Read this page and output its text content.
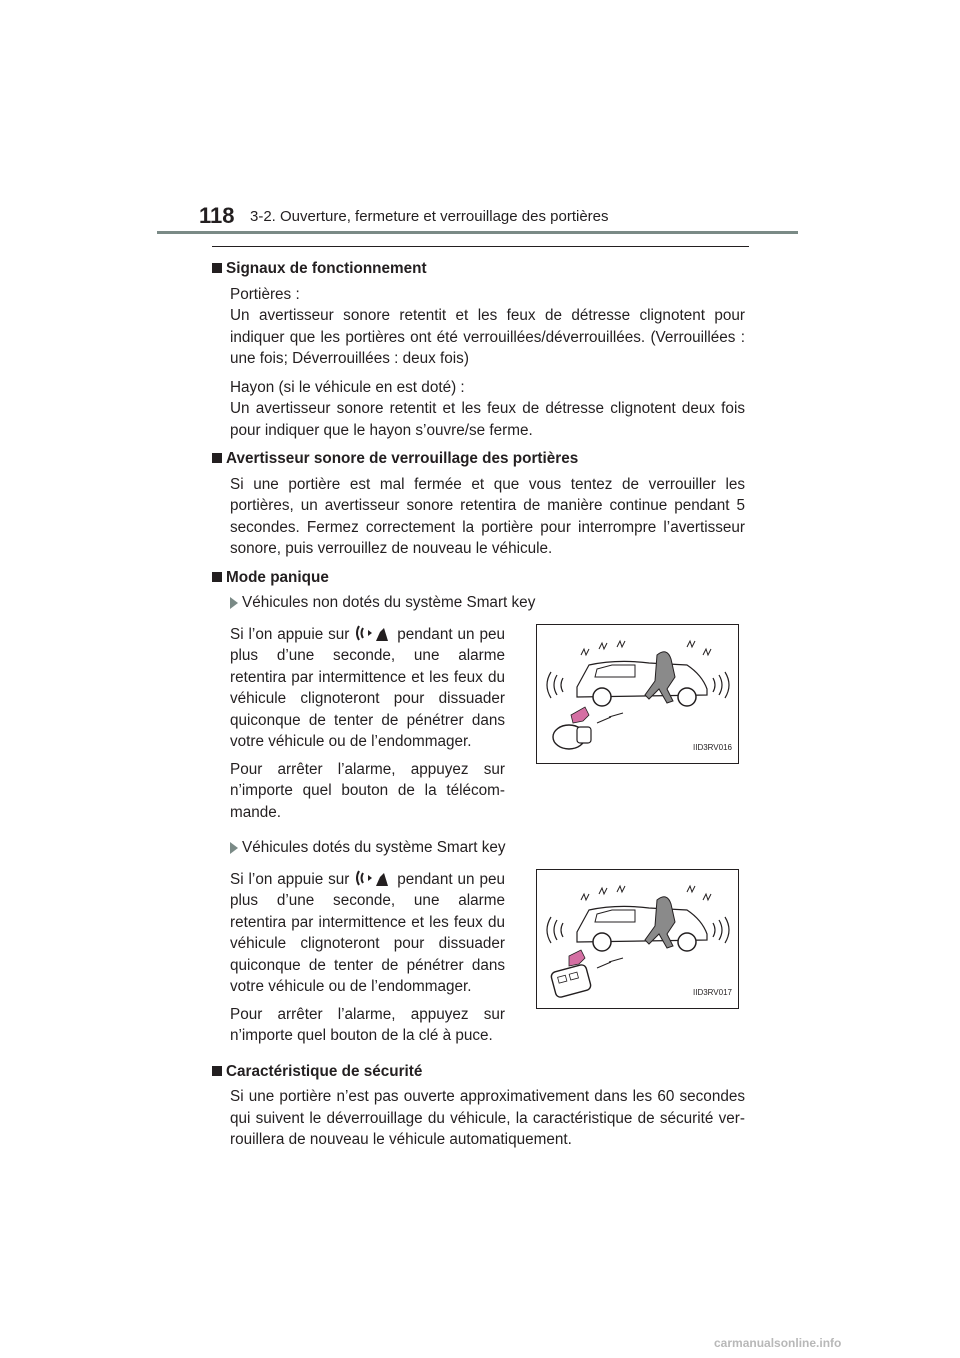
118 3-2. Ouverture, fermeture et verrouillage des portières
Signaux de fonctionnement
Portières :
Un avertisseur sonore retentit et les feux de détresse clignotent pour indiquer que les portières ont été verrouillées/déverrouillées. (Verrouillées : une fois; Déverrouillées : deux fois)
Hayon (si le véhicule en est doté) :
Un avertisseur sonore retentit et les feux de détresse clignotent deux fois pour indiquer que le hayon s’ouvre/se ferme.
Avertisseur sonore de verrouillage des portières
Si une portière est mal fermée et que vous tentez de verrouiller les portières, un avertisseur sonore retentira de manière continue pendant 5 secondes. Fermez correctement la portière pour interrompre l’avertisseur sonore, puis verrouillez de nouveau le véhicule.
Mode panique
Véhicules non dotés du système Smart key

Si l’on appuie sur	pendant un peu plus d’une seconde, une alarme retentira par intermittence et les feux du véhicule clignoteront pour dissuader quiconque de tenter de pénétrer dans votre véhicule ou de l’endommager.

Pour arrêter l’alarme, appuyez sur n’importe quel bouton de la télécom-mande.

IID3RV016
Véhicules dotés du système Smart key

Si l’on appuie sur	pendant un peu plus d’une seconde, une alarme retentira par intermittence et les feux du véhicule clignoteront pour dissuader quiconque de tenter de pénétrer dans votre véhicule ou de l’endommager.

Pour arrêter l’alarme, appuyez sur n’importe quel bouton de la clé à puce.

IID3RV017
Caractéristique de sécurité
Si une portière n’est pas ouverte approximativement dans les 60 secondes qui suivent le déverrouillage du véhicule, la caractéristique de sécurité ver-rouillera de nouveau le véhicule automatiquement.
carmanualsonline.info
